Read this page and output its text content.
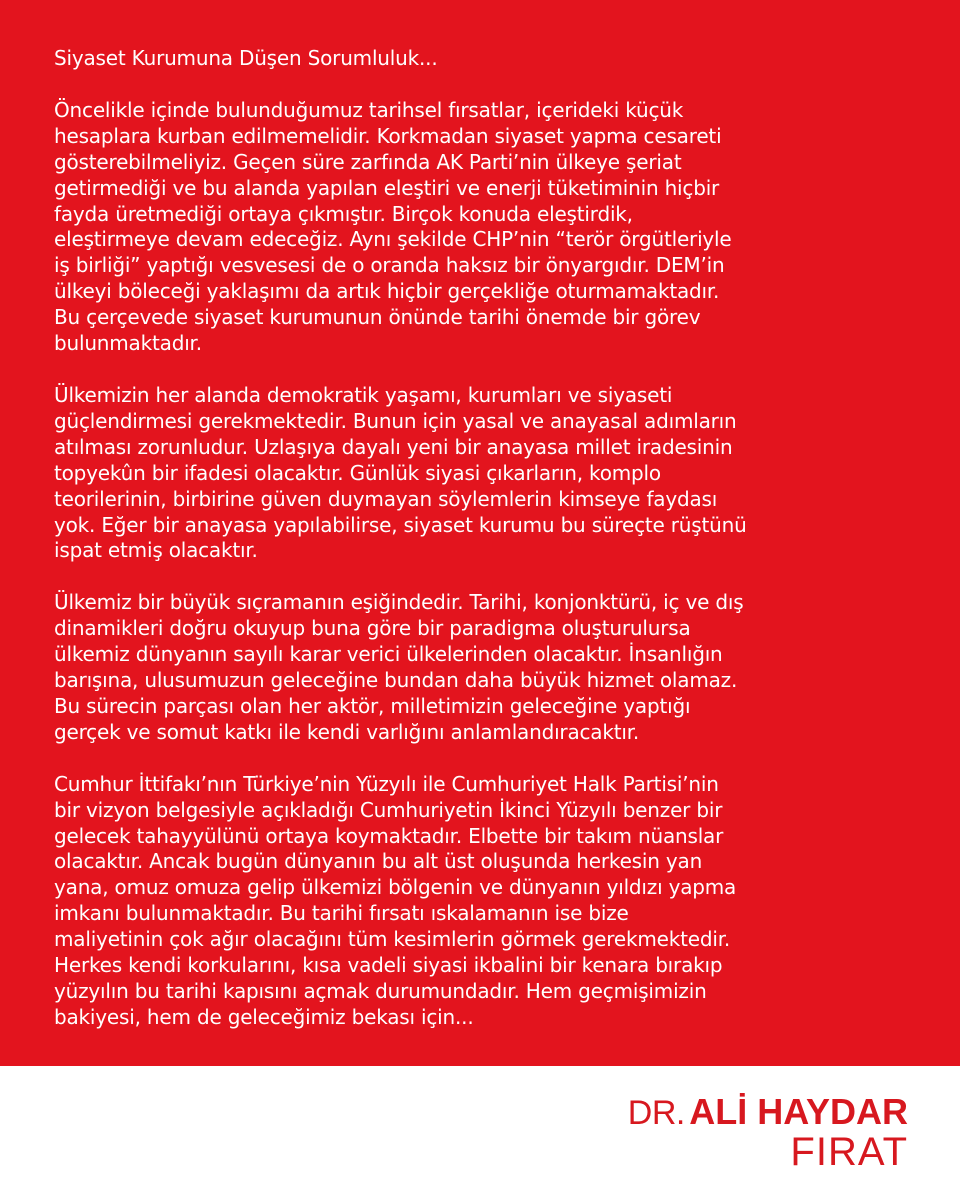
Siyaset Kurumuna Düşen Sorumluluk...
Öncelikle içinde bulunduğumuz tarihsel fırsatlar, içerideki küçük
hesaplara kurban edilmemelidir. Korkmadan siyaset yapma cesareti
gösterebilmeliyiz. Geçen süre zarfında AK Parti’nin ülkeye şeriat
getirmediği ve bu alanda yapılan eleştiri ve enerji tüketiminin hiçbir
fayda üretmediği ortaya çıkmıştır. Birçok konuda eleştirdik,
eleştirmeye devam edeceğiz. Aynı şekilde CHP’nin “terör örgütleriyle
iş birliği” yaptığı vesvesesi de o oranda haksız bir önyargıdır. DEM’in
ülkeyi böleceği yaklaşımı da artık hiçbir gerçekliğe oturmamaktadır.
Bu çerçevede siyaset kurumunun önünde tarihi önemde bir görev
bulunmaktadır.
Ülkemizin her alanda demokratik yaşamı, kurumları ve siyaseti
güçlendirmesi gerekmektedir. Bunun için yasal ve anayasal adımların
atılması zorunludur. Uzlaşıya dayalı yeni bir anayasa millet iradesinin
topyekûn bir ifadesi olacaktır. Günlük siyasi çıkarların, komplo
teorilerinin, birbirine güven duymayan söylemlerin kimseye faydası
yok. Eğer bir anayasa yapılabilirse, siyaset kurumu bu süreçte rüştünü
ispat etmiş olacaktır.
Ülkemiz bir büyük sıçramanın eşiğindedir. Tarihi, konjonktürü, iç ve dış
dinamikleri doğru okuyup buna göre bir paradigma oluşturulursa
ülkemiz dünyanın sayılı karar verici ülkelerinden olacaktır. İnsanlığın
barışına, ulusumuzun geleceğine bundan daha büyük hizmet olamaz.
Bu sürecin parçası olan her aktör, milletimizin geleceğine yaptığı
gerçek ve somut katkı ile kendi varlığını anlamlandıracaktır.
Cumhur İttifakı’nın Türkiye’nin Yüzyılı ile Cumhuriyet Halk Partisi’nin
bir vizyon belgesiyle açıkladığı Cumhuriyetin İkinci Yüzyılı benzer bir
gelecek tahayyülünü ortaya koymaktadır. Elbette bir takım nüanslar
olacaktır. Ancak bugün dünyanın bu alt üst oluşunda herkesin yan
yana, omuz omuza gelip ülkemizi bölgenin ve dünyanın yıldızı yapma
imkanı bulunmaktadır. Bu tarihi fırsatı ıskalamanın ise bize
maliyetinin çok ağır olacağını tüm kesimlerin görmek gerekmektedir.
Herkes kendi korkularını, kısa vadeli siyasi ikbalini bir kenara bırakıp
yüzyılın bu tarihi kapısını açmak durumundadır. Hem geçmişimizin
bakiyesi, hem de geleceğimiz bekası için...
DR. ALİ HAYDAR
FIRAT
